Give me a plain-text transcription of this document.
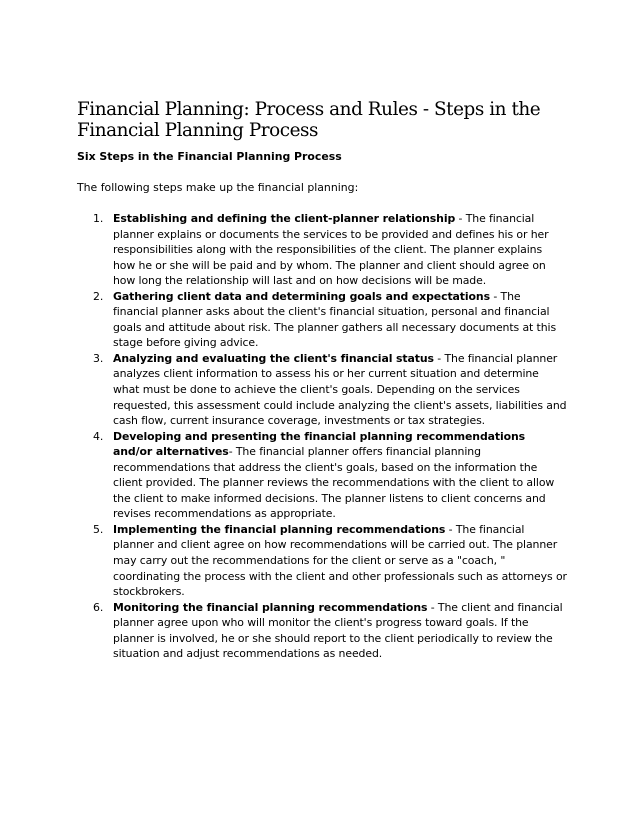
Financial Planning: Process and Rules - Steps in the Financial Planning Process

Six Steps in the Financial Planning Process

The following steps make up the financial planning:

1. Establishing and defining the client-planner relationship - The financial planner explains or documents the services to be provided and defines his or her responsibilities along with the responsibilities of the client. The planner explains how he or she will be paid and by whom. The planner and client should agree on how long the relationship will last and on how decisions will be made.
2. Gathering client data and determining goals and expectations - The financial planner asks about the client's financial situation, personal and financial goals and attitude about risk. The planner gathers all necessary documents at this stage before giving advice.
3. Analyzing and evaluating the client's financial status - The financial planner analyzes client information to assess his or her current situation and determine what must be done to achieve the client's goals. Depending on the services requested, this assessment could include analyzing the client's assets, liabilities and cash flow, current insurance coverage, investments or tax strategies.
4. Developing and presenting the financial planning recommendations and/or alternatives- The financial planner offers financial planning recommendations that address the client's goals, based on the information the client provided. The planner reviews the recommendations with the client to allow the client to make informed decisions. The planner listens to client concerns and revises recommendations as appropriate.
5. Implementing the financial planning recommendations - The financial planner and client agree on how recommendations will be carried out. The planner may carry out the recommendations for the client or serve as a "coach, " coordinating the process with the client and other professionals such as attorneys or stockbrokers.
6. Monitoring the financial planning recommendations - The client and financial planner agree upon who will monitor the client's progress toward goals. If the planner is involved, he or she should report to the client periodically to review the situation and adjust recommendations as needed.
